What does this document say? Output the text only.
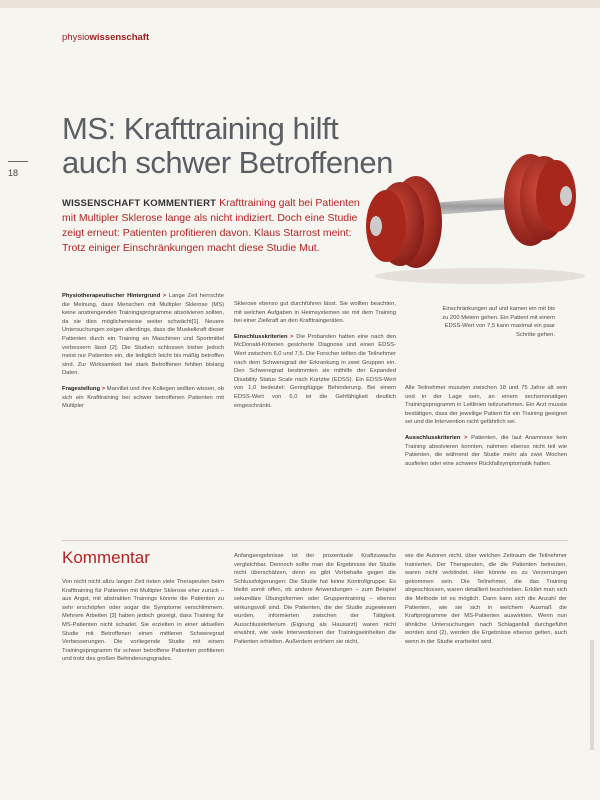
physiowissenschaft
18
MS: Krafttraining hilft auch schwer Betroffenen
WISSENSCHAFT KOMMENTIERT Krafttraining galt bei Patienten mit Multipler Sklerose lange als nicht indiziert. Doch eine Studie zeigt erneut: Patienten profitieren davon. Klaus Starrost meint: Trotz einiger Einschränkungen macht diese Studie Mut.

Physiotherapeutischer Hintergrund > Lange Zeit herrschte die Meinung, dass Menschen mit Multipler Sklerose (MS) keine anstrengenden Trainingsprogramme absolvieren sollten, da sie dies möglicherweise weiter schwächt[1]. Neuere Untersuchungen zeigen allerdings, dass die Muskelkraft dieser Patienten durch ein Training an Maschinen und Sportmittel verbessern lässt [2]. Die Studien schlossen bisher jedoch meist nur Patienten ein, die lediglich leicht bis mäßig betroffen sind. Zur Wirksamkeit bei stark Betroffenen fehlten bislang Daten.

Fragestellung > Marvillet und ihre Kollegen wollten wissen, ob sich ein Krafttraining bei schwer betroffenen Patienten mit Multipler

Sklerose ebenso gut durchführen lässt. Sie wollten beachten, mit welchen Aufgaben in Heimsystemen sie mit dem Training bei einer Zielkraft an den Krafttraingeräten.

Einschlusskriterien > Die Probanden hatten eine nach den McDonald-Kriterien gesicherte Diagnose und einen EDSS-Wert zwischen 6,0 und 7,5. Die Forscher teilten die Teilnehmer nach dem Schweregrad der Erkrankung in zwei Gruppen ein. Den Schweregrad bestimmten sie mithilfe der Expanded Disability Status Scale nach Kurtzke (EDSS). Ein EDSS-Wert von 1,0 bedeutet: Geringfügige Behinderung. Bei einem EDSS-Wert von 6,0 ist die Gehfähigkeit deutlich eingeschränkt.

Einschränkungen auf und kamen ein mit bis zu 200 Metern gehen. Ein Patient mit einem EDSS-Wert von 7,5 kann maximal ein paar Schritte gehen.

Alle Teilnehmer mussten zwischen 18 und 75 Jahre alt sein und in der Lage sein, an einem sechsmonatigen Trainingsprogramm in Leitlinien teilzunehmen. Ein Arzt musste bestätigen, dass der jeweilige Patient für ein Training geeignet sei und die Intervention nicht gefährlich sei.

Ausschlusskriterien > Patienten, die laut Anamnese kein Training absolvieren konnten, nahmen ebenso nicht teil wie Patienten, die während der Studie mehr als zwei Wochen ausfielen oder eine schwere Rückfallsymptomatik hatten.

Kommentar

Von nicht nicht allzu langer Zeit rieten viele Therapeuten beim Krafttraining für Patienten mit Multipler Sklerose eher zurück – aus Angst, mit abstrakten Trainings könnte die Patienten zu sehr erschöpfen oder sogar die Symptome verschlimmern. Mehrere Arbeiten [3] haben jedoch gezeigt, dass Training für MS-Patienten nicht schadet. Sie erzielten in einer aktuellen Studie mit Betroffenen einen mittleren Schweregrad Verbesserungen. Die vorliegende Studie mit einem Trainingsprogramm für schwer betroffene Patienten profitieren und trotz des großen Behinderungsgrades.

Anfangsergebnisse ist der prozentuale Kraftzuwachs vergleichbar. Dennoch sollte man die Ergebnisse der Studie nicht überschätzen, denn es gibt Vorbehalte gegen die Schlussfolgerungen: Die Studie hat keine Kontrollgruppe. Es bleibt somit offen, ob andere Anwendungen – zum Beispiel sekundäre Übungsformen oder Gruppentraining – ebenso wirkungsvoll sind. Die Patienten, die der Studie zugewiesen wurden, informierten zwischen der Tätigkeit. Ausschlusskriterium (Eignung als Hausarzt) waren nicht erwähnt, wie viele Interventionen der Trainingseinheiten die Patienten erhielten. Außerdem erörtern sie nicht,

wie die Autoren nicht, über welchen Zeitraum die Teilnehmer trainierten. Der Therapeuten, die die Patienten betreuten, waren nicht verblindet. Hier könnte es zu Verzerrungen gekommen sein. Die Teilnehmer, die das Training abgeschlossen, waren detailliert beschrieben. Erklärt man sich die Methode ist es möglich. Dann kann sich die Anzahl der Patienten, wie sie sich in welchem Ausmaß die Kraftprogramme der MS-Patienten auswirkten. Wenn nun ähnliche Untersuchungen nach Schlaganfall durchgeführt worden sind (2), werden die Ergebnisse ebenso gelten, auch wenn in der Studie erarbeitet wird.
